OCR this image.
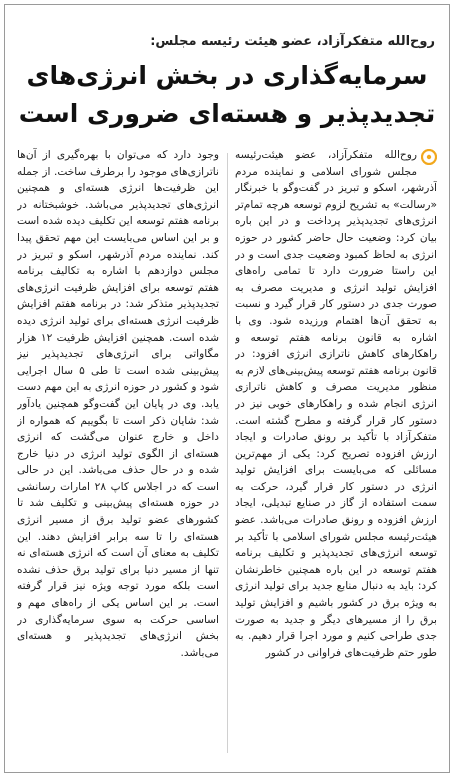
روح‌الله متفکرآزاد، عضو هیئت رئیسه مجلس:
سرمایه‌گذاری در بخش انرژی‌های
تجدیدپذیر و هسته‌ای ضروری است

روح‌الله متفکرآزاد، عضو هیئت‌رئیسه مجلس شورای اسلامی و نماینده مردم آذرشهر، اسکو و تبریز در گفت‌وگو با خبرنگار «رسالت» به تشریح لزوم توسعه هرچه تمام‌تر انرژی‌های تجدیدپذیر پرداخت و در این باره بیان کرد: وضعیت حال حاضر کشور در حوزه انرژی به لحاظ کمبود وضعیت جدی است و در این راستا ضرورت دارد تا تمامی راه‌های افزایش تولید انرژی و مدیریت مصرف به صورت جدی در دستور کار قرار گیرد و نسبت به تحقق آن‌ها اهتمام ورزیده شود. وی با اشاره به قانون برنامه هفتم توسعه و راهکارهای کاهش ناترازی انرژی افزود: در قانون برنامه هفتم توسعه پیش‌بینی‌های لازم به منظور مدیریت مصرف و کاهش ناترازی انرژی انجام شده و راهکارهای خوبی نیز در دستور کار قرار گرفته و مطرح گشته است. متفکرآزاد با تأکید بر رونق صادرات و ایجاد ارزش افزوده تصریح کرد: یکی از مهم‌ترین مسائلی که می‌بایست برای افزایش تولید انرژی در دستور کار قرار گیرد، حرکت به سمت استفاده از گاز در صنایع تبدیلی، ایجاد ارزش افزوده و رونق صادرات می‌باشد. عضو هیئت‌رئیسه مجلس شورای اسلامی با تأکید بر توسعه انرژی‌های تجدیدپذیر و تکلیف برنامه هفتم توسعه در این باره همچنین خاطرنشان کرد: باید به دنبال منابع جدید برای تولید انرژی به ویژه برق در کشور باشیم و افزایش تولید برق را از مسیرهای دیگر و جدید به صورت جدی طراحی کنیم و مورد اجرا قرار دهیم. به طور حتم ظرفیت‌های فراوانی در کشور

وجود دارد که می‌توان با بهره‌گیری از آن‌ها ناترازی‌های موجود را برطرف ساخت. از جمله این ظرفیت‌ها انرژی هسته‌ای و همچنین انرژی‌های تجدیدپذیر می‌باشد. خوشبختانه در برنامه هفتم توسعه این تکلیف دیده شده است و بر این اساس می‌بایست این مهم تحقق پیدا کند. نماینده مردم آذرشهر، اسکو و تبریز در مجلس دوازدهم با اشاره به تکالیف برنامه هفتم توسعه برای افزایش ظرفیت انرژی‌های تجدیدپذیر متذکر شد: در برنامه هفتم افزایش ظرفیت انرژی هسته‌ای برای تولید انرژی دیده شده است. همچنین افزایش ظرفیت ۱۲ هزار مگاواتی برای انرژی‌های تجدیدپذیر نیز پیش‌بینی شده است تا طی ۵ سال اجرایی شود و کشور در حوزه انرژی به این مهم دست یابد. وی در پایان این گفت‌وگو همچنین یادآور شد: شایان ذکر است تا بگوییم که همواره از داخل و خارج عنوان می‌گشت که انرژی هسته‌ای از الگوی تولید انرژی در دنیا خارج شده و در حال حذف می‌باشد. این در حالی است که در اجلاس کاپ ۲۸ امارات رسانشی در حوزه هسته‌ای پیش‌بینی و تکلیف شد تا کشورهای عضو تولید برق از مسیر انرژی هسته‌ای را تا سه برابر افزایش دهند. این تکلیف به معنای آن است که انرژی هسته‌ای نه تنها از مسیر دنیا برای تولید برق حذف نشده است بلکه مورد توجه ویژه نیز قرار گرفته است. بر این اساس یکی از راه‌های مهم و اساسی حرکت به سوی سرمایه‌گذاری در بخش انرژی‌های تجدیدپذیر و هسته‌ای می‌باشد.
